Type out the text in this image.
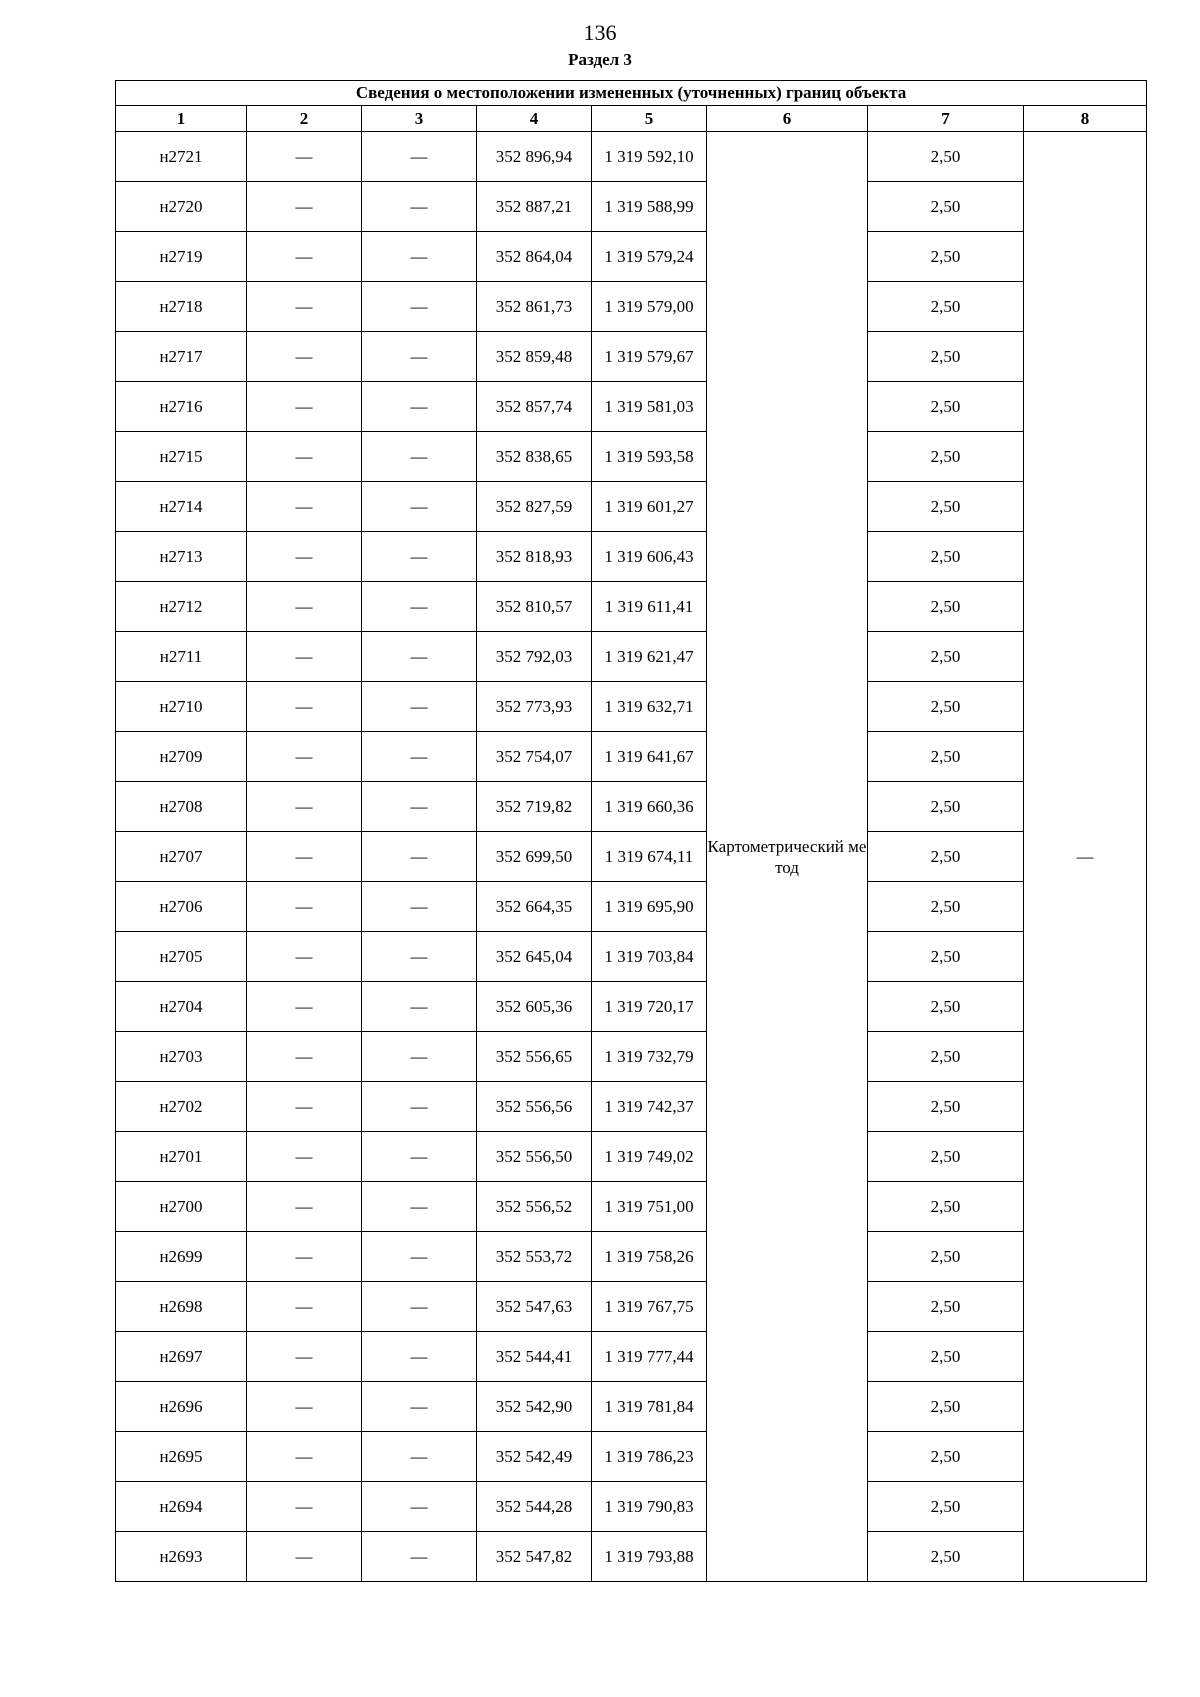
136
Раздел 3
Сведения о местоположении измененных (уточненных) границ объекта							
1	2	3	4	5	6	7	8
н2721	—	—	352 896,94	1 319 592,10	Картометрический метод	2,50	—
н2720	—	—	352 887,21	1 319 588,99		2,50	
н2719	—	—	352 864,04	1 319 579,24		2,50	
н2718	—	—	352 861,73	1 319 579,00		2,50	
н2717	—	—	352 859,48	1 319 579,67		2,50	
н2716	—	—	352 857,74	1 319 581,03		2,50	
н2715	—	—	352 838,65	1 319 593,58		2,50	
н2714	—	—	352 827,59	1 319 601,27		2,50	
н2713	—	—	352 818,93	1 319 606,43		2,50	
н2712	—	—	352 810,57	1 319 611,41		2,50	
н2711	—	—	352 792,03	1 319 621,47		2,50	
н2710	—	—	352 773,93	1 319 632,71		2,50	
н2709	—	—	352 754,07	1 319 641,67		2,50	
н2708	—	—	352 719,82	1 319 660,36		2,50	
н2707	—	—	352 699,50	1 319 674,11		2,50	
н2706	—	—	352 664,35	1 319 695,90		2,50	
н2705	—	—	352 645,04	1 319 703,84		2,50	
н2704	—	—	352 605,36	1 319 720,17		2,50	
н2703	—	—	352 556,65	1 319 732,79		2,50	
н2702	—	—	352 556,56	1 319 742,37		2,50	
н2701	—	—	352 556,50	1 319 749,02		2,50	
н2700	—	—	352 556,52	1 319 751,00		2,50	
н2699	—	—	352 553,72	1 319 758,26		2,50	
н2698	—	—	352 547,63	1 319 767,75		2,50	
н2697	—	—	352 544,41	1 319 777,44		2,50	
н2696	—	—	352 542,90	1 319 781,84		2,50	
н2695	—	—	352 542,49	1 319 786,23		2,50	
н2694	—	—	352 544,28	1 319 790,83		2,50	
н2693	—	—	352 547,82	1 319 793,88		2,50	
